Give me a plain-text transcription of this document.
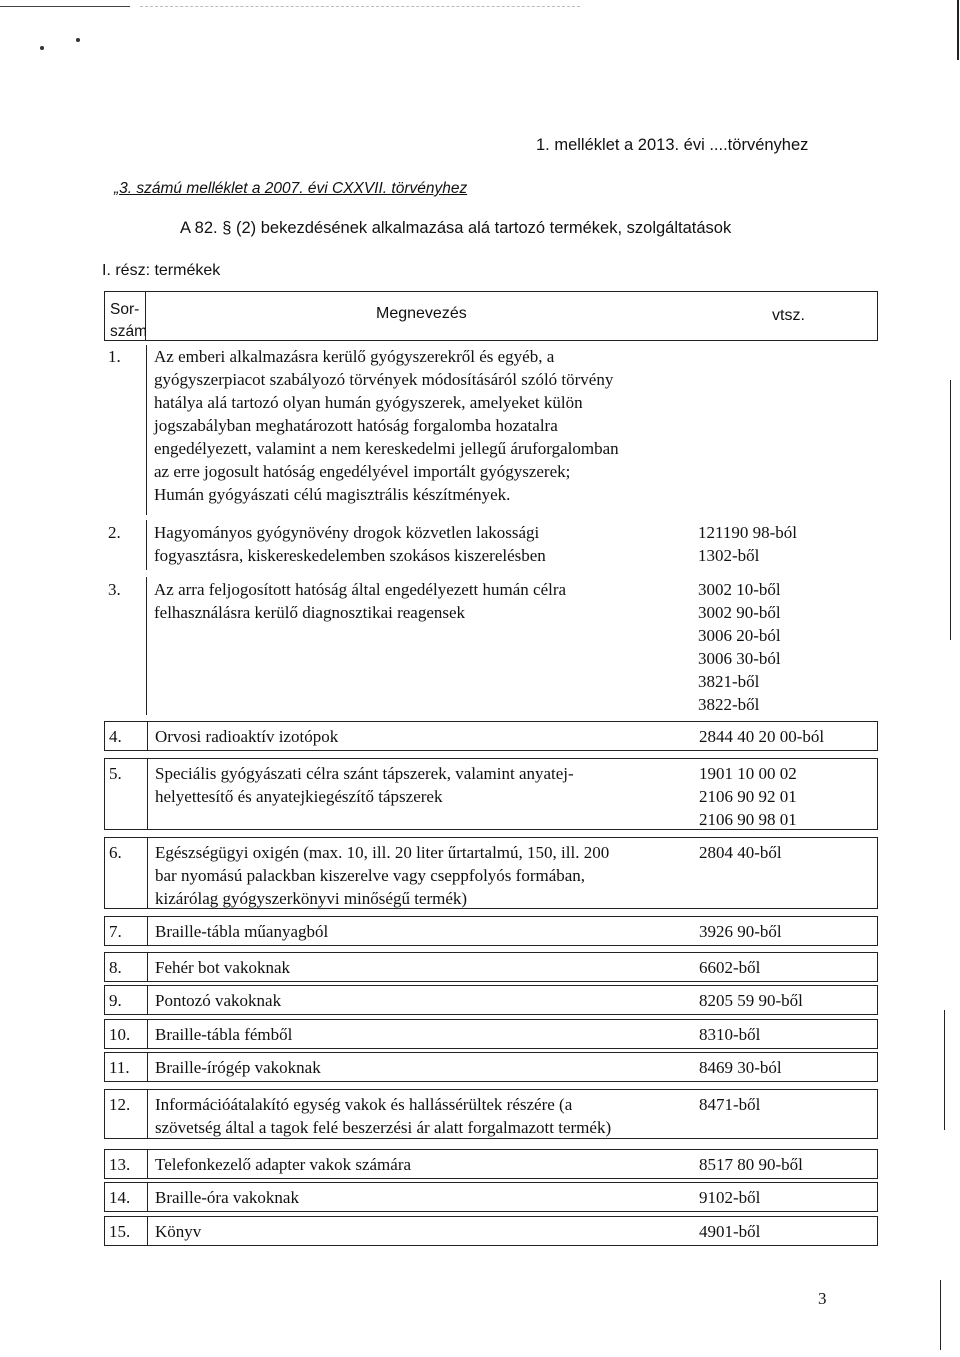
1. melléklet a 2013. évi ....törvényhez
„3. számú melléklet a 2007. évi CXXVII. törvényhez
A 82. § (2) bekezdésének alkalmazása alá tartozó termékek, szolgáltatások
I. rész: termékek
Sor-
szám
Megnevezés	vtsz.
1. Az emberi alkalmazásra kerülő gyógyszerekről és egyéb, a
gyógyszerpiacot szabályozó törvények módosításáról szóló törvény
hatálya alá tartozó olyan humán gyógyszerek, amelyeket külön
jogszabályban meghatározott hatóság forgalomba hozatalra
engedélyezett, valamint a nem kereskedelmi jellegű áruforgalomban
az erre jogosult hatóság engedélyével importált gyógyszerek;
Humán gyógyászati célú magisztrális készítmények.
2. Hagyományos gyógynövény drogok közvetlen lakossági
fogyasztásra, kiskereskedelemben szokásos kiszerelésben
121190 98-ból
1302-ből
3. Az arra feljogosított hatóság által engedélyezett humán célra
felhasználásra kerülő diagnosztikai reagensek
3002 10-ből
3002 90-ből
3006 20-ból
3006 30-ból
3821-ből
3822-ből
4. Orvosi radioaktív izotópok	2844 40 20 00-ból
5. Speciális gyógyászati célra szánt tápszerek, valamint anyatej-
helyettesítő és anyatejkiegészítő tápszerek
1901 10 00 02
2106 90 92 01
2106 90 98 01
6. Egészségügyi oxigén (max. 10, ill. 20 liter űrtartalmú, 150, ill. 200
bar nyomású palackban kiszerelve vagy cseppfolyós formában,
kizárólag gyógyszerkönyvi minőségű termék)
2804 40-ből
7. Braille-tábla műanyagból	3926 90-ből
8. Fehér bot vakoknak	6602-ből
9. Pontozó vakoknak	8205 59 90-ből
10. Braille-tábla fémből	8310-ből
11. Braille-írógép vakoknak	8469 30-ból
12. Információátalakító egység vakok és hallássérültek részére (a
szövetség által a tagok felé beszerzési ár alatt forgalmazott termék)
8471-ből
13. Telefonkezelő adapter vakok számára	8517 80 90-ből
14. Braille-óra vakoknak	9102-ből
15. Könyv	4901-ből
3
